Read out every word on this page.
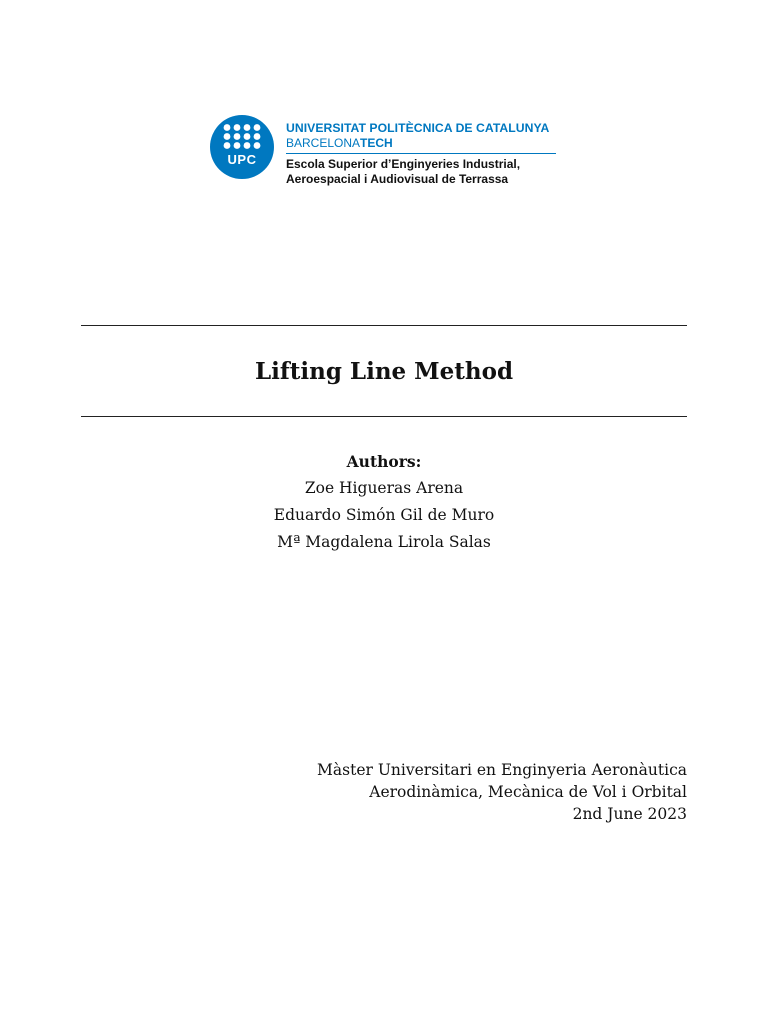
UPC
UNIVERSITAT POLITÈCNICA DE CATALUNYA
BARCELONATECH
Escola Superior d’Enginyeries Industrial,
Aeroespacial i Audiovisual de Terrassa
Lifting Line Method
Authors:
Zoe Higueras Arena
Eduardo Simón Gil de Muro
Mª Magdalena Lirola Salas
Màster Universitari en Enginyeria Aeronàutica
Aerodinàmica, Mecànica de Vol i Orbital
2nd June 2023
